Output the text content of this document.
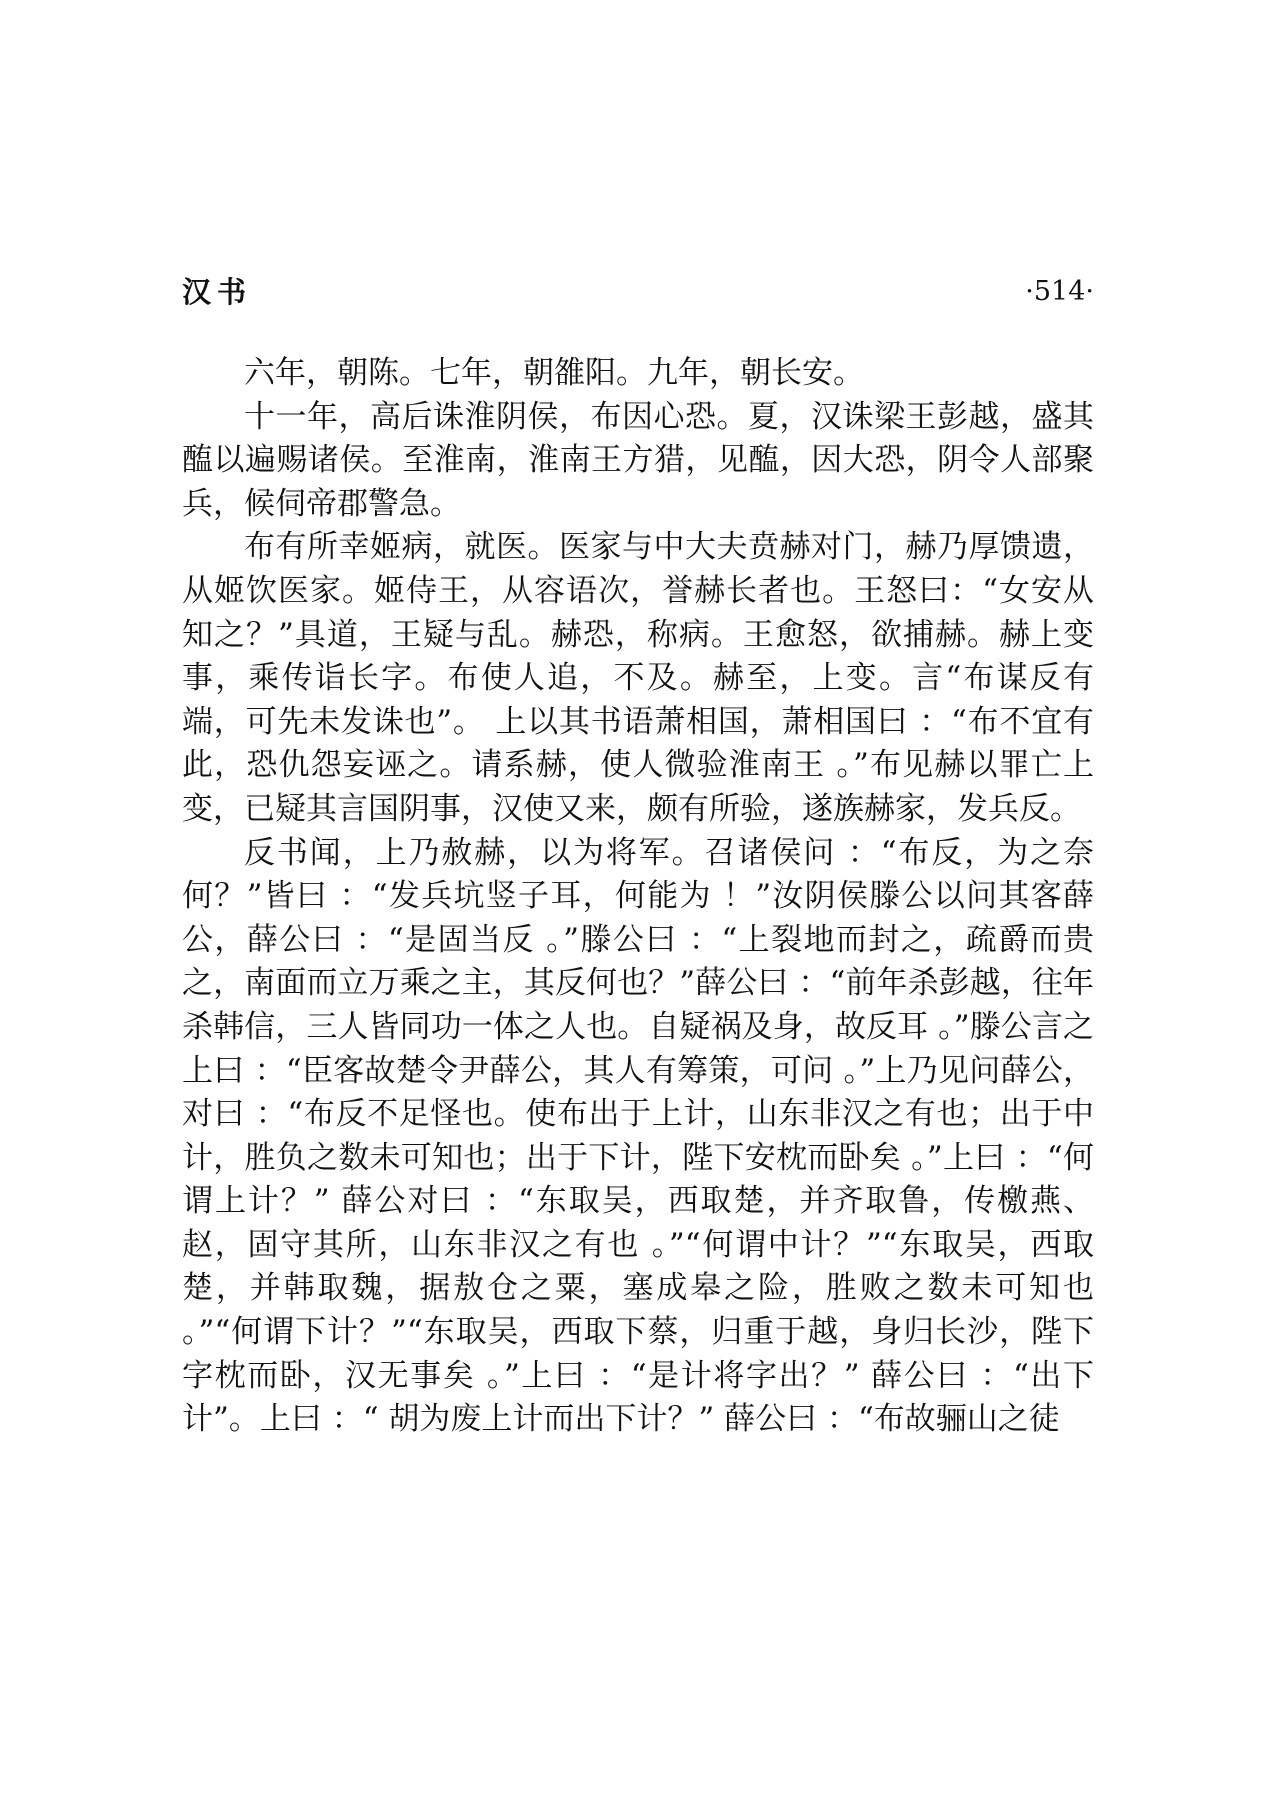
汉书	·514·

六年，朝陈。七年，朝雒阳。九年，朝长安。

十一年，高后诛淮阴侯，布因心恐。夏，汉诛梁王彭越，盛其醢以遍赐诸侯。至淮南，淮南王方猎，见醢，因大恐，阴令人部聚兵，候伺帝郡警急。

布有所幸姬病，就医。医家与中大夫贲赫对门，赫乃厚馈遗，从姬饮医家。姬侍王，从容语次，誉赫长者也。王怒曰：“女安从知之？”具道，王疑与乱。赫恐，称病。王愈怒，欲捕赫。赫上变事，乘传诣长字。布使人追，不及。赫至，上变。言“布谋反有端，可先未发诛也”。 上以其书语萧相国，萧相国曰 ：“布不宜有此，恐仇怨妄诬之。请系赫，使人微验淮南王 。”布见赫以罪亡上变，已疑其言国阴事，汉使又来，颇有所验，遂族赫家，发兵反。

反书闻，上乃赦赫，以为将军。召诸侯问 ：“布反，为之奈何？”皆曰 ：“发兵坑竖子耳，何能为 ！”汝阴侯滕公以问其客薛公，薛公曰 ：“是固当反 。”滕公曰 ：“上裂地而封之，疏爵而贵之，南面而立万乘之主，其反何也？”薛公曰 ：“前年杀彭越，往年杀韩信，三人皆同功一体之人也。自疑祸及身，故反耳 。”滕公言之上曰 ：“臣客故楚令尹薛公，其人有筹策，可问 。”上乃见问薛公，对曰 ：“布反不足怪也。使布出于上计，山东非汉之有也；出于中计，胜负之数未可知也；出于下计，陛下安枕而卧矣 。”上曰 ：“何谓上计？” 薛公对曰 ：“东取吴，西取楚，并齐取鲁，传檄燕、赵，固守其所，山东非汉之有也 。”“何谓中计？”“东取吴，西取楚，并韩取魏，据敖仓之粟，塞成皋之险，胜败之数未可知也 。”“何谓下计？”“东取吴，西取下蔡，归重于越，身归长沙，陛下字枕而卧，汉无事矣 。”上曰 ：“是计将字出？” 薛公曰 ：“出下计”。上曰 ：“ 胡为废上计而出下计？” 薛公曰 ：“布故骊山之徒
